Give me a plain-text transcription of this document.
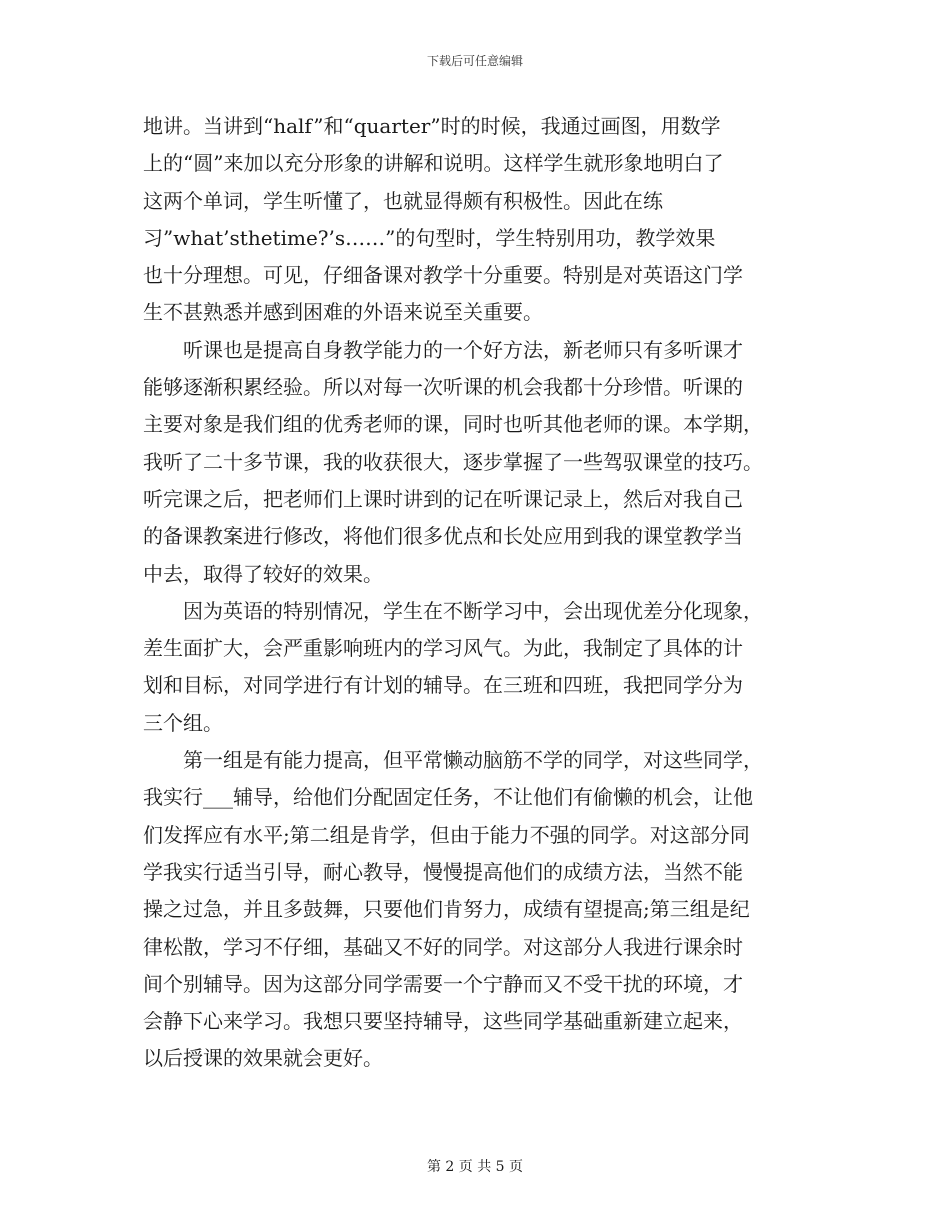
下载后可任意编辑
地讲。当讲到“half”和“quarter”时的时候，我通过画图，用数学
上的“圆”来加以充分形象的讲解和说明。这样学生就形象地明白了
这两个单词，学生听懂了，也就显得颇有积极性。因此在练
习”what’sthetime?’s……”的句型时，学生特别用功，教学效果
也十分理想。可见，仔细备课对教学十分重要。特别是对英语这门学
生不甚熟悉并感到困难的外语来说至关重要。
听课也是提高自身教学能力的一个好方法，新老师只有多听课才
能够逐渐积累经验。所以对每一次听课的机会我都十分珍惜。听课的
主要对象是我们组的优秀老师的课，同时也听其他老师的课。本学期，
我听了二十多节课，我的收获很大，逐步掌握了一些驾驭课堂的技巧。
听完课之后，把老师们上课时讲到的记在听课记录上，然后对我自己
的备课教案进行修改，将他们很多优点和长处应用到我的课堂教学当
中去，取得了较好的效果。
因为英语的特别情况，学生在不断学习中，会出现优差分化现象，
差生面扩大，会严重影响班内的学习风气。为此，我制定了具体的计
划和目标，对同学进行有计划的辅导。在三班和四班，我把同学分为
三个组。
第一组是有能力提高，但平常懒动脑筋不学的同学，对这些同学，
我实行___辅导，给他们分配固定任务，不让他们有偷懒的机会，让他
们发挥应有水平;第二组是肯学，但由于能力不强的同学。对这部分同
学我实行适当引导，耐心教导，慢慢提高他们的成绩方法，当然不能
操之过急，并且多鼓舞，只要他们肯努力，成绩有望提高;第三组是纪
律松散，学习不仔细，基础又不好的同学。对这部分人我进行课余时
间个别辅导。因为这部分同学需要一个宁静而又不受干扰的环境，才
会静下心来学习。我想只要坚持辅导，这些同学基础重新建立起来，
以后授课的效果就会更好。
第 2 页 共 5 页
